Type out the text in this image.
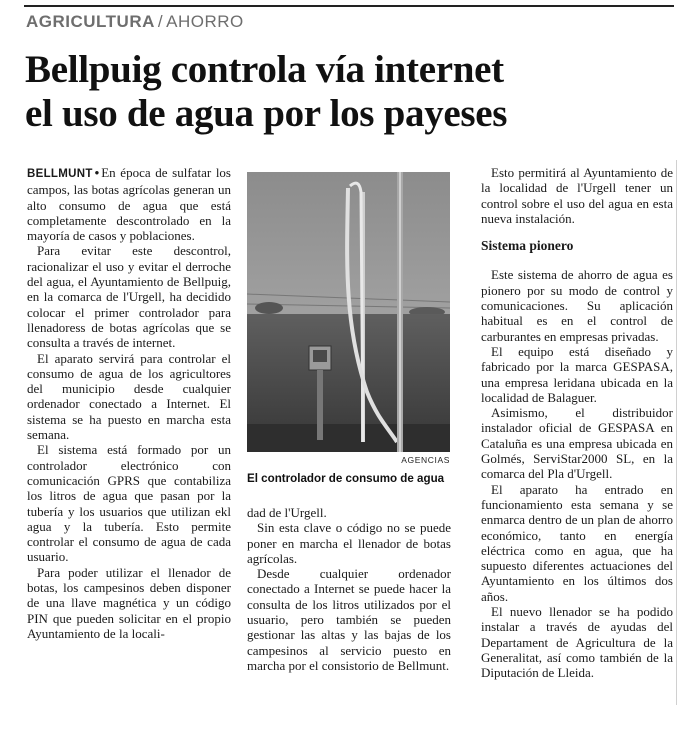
AGRICULTURA / AHORRO
Bellpuig controla vía internet
el uso de agua por los payeses

BELLMUNT • En época de sulfatar los campos, las botas agrícolas generan un alto consumo de agua que está completamente descontrolado en la mayoría de casos y poblaciones.

Para evitar este descontrol, racionalizar el uso y evitar el derroche del agua, el Ayuntamiento de Bellpuig, en la comarca de l'Urgell, ha decidido colocar el primer controlador para llenadoress de botas agrícolas que se consulta a través de internet.

El aparato servirá para controlar el consumo de agua de los agricultores del municipio desde cualquier ordenador conectado a Internet. El sistema se ha puesto en marcha esta semana.

El sistema está formado por un controlador electrónico con comunicación GPRS que contabiliza los litros de agua que pasan por la tubería y los usuarios que utilizan ekl agua y la tubería. Esto permite controlar el consumo de agua de cada usuario.

Para poder utilizar el llenador de botas, los campesinos deben disponer de una llave magnética y un código PIN que pueden solicitar en el propio Ayuntamiento de la locali-

AGENCIAS
El controlador de consumo de agua

dad de l'Urgell.

Sin esta clave o código no se puede poner en marcha el llenador de botas agrícolas.

Desde cualquier ordenador conectado a Internet se puede hacer la consulta de los litros utilizados por el usuario, pero también se pueden gestionar las altas y las bajas de los campesinos al servicio puesto en marcha por el consistorio de Bellmunt.

Esto permitirá al Ayuntamiento de la localidad de l'Urgell tener un control sobre el uso del agua en esta nueva instalación.

Sistema pionero

Este sistema de ahorro de agua es pionero por su modo de control y comunicaciones. Su aplicación habitual es en el control de carburantes en empresas privadas.

El equipo está diseñado y fabricado por la marca GESPASA, una empresa leridana ubicada en la localidad de Balaguer.

Asimismo, el distribuidor instalador oficial de GESPASA en Cataluña es una empresa ubicada en Golmés, ServiStar2000 SL, en la comarca del Pla d'Urgell.

El aparato ha entrado en funcionamiento esta semana y se enmarca dentro de un plan de ahorro económico, tanto en energía eléctrica como en agua, que ha supuesto diferentes actuaciones del Ayuntamiento en los últimos dos años.

El nuevo llenador se ha podido instalar a través de ayudas del Departament de Agricultura de la Generalitat, así como también de la Diputación de Lleida.
